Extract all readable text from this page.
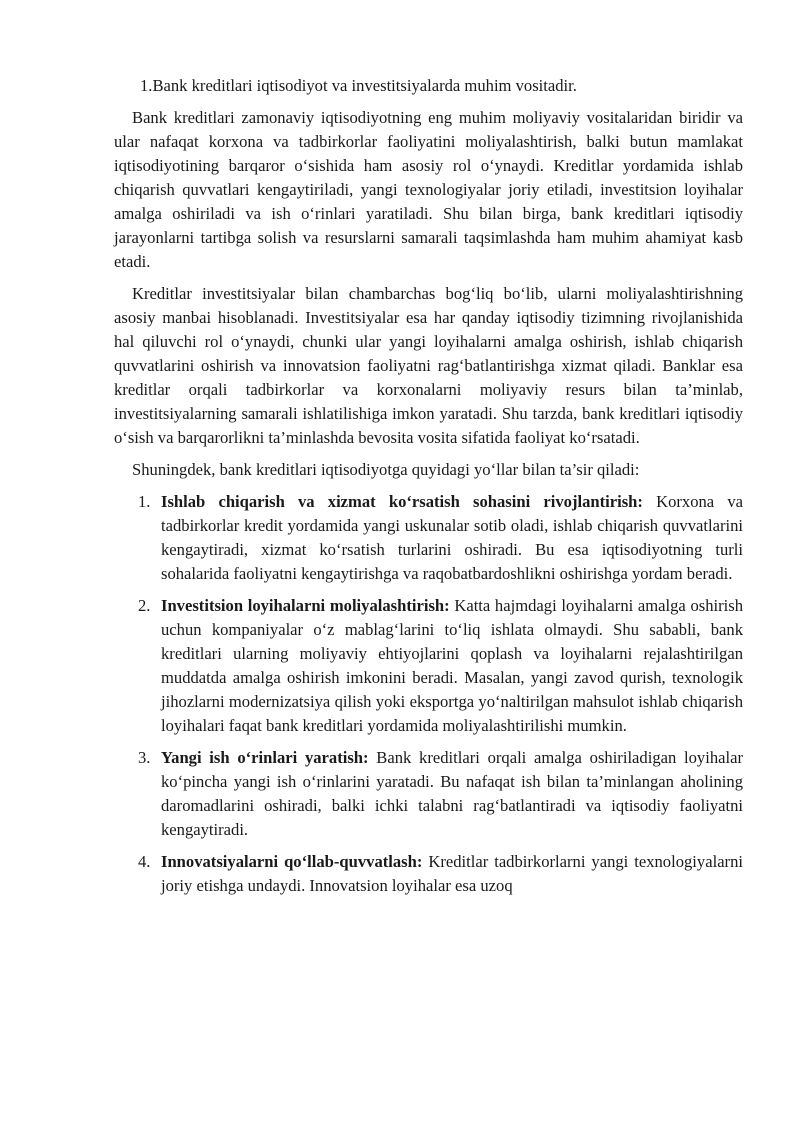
1.Bank kreditlari iqtisodiyot va investitsiyalarda muhim vositadir.

Bank kreditlari zamonaviy iqtisodiyotning eng muhim moliyaviy vositalaridan biridir va ular nafaqat korxona va tadbirkorlar faoliyatini moliyalashtirish, balki butun mamlakat iqtisodiyotining barqaror o‘sishida ham asosiy rol o‘ynaydi. Kreditlar yordamida ishlab chiqarish quvvatlari kengaytiriladi, yangi texnologiyalar joriy etiladi, investitsion loyihalar amalga oshiriladi va ish o‘rinlari yaratiladi. Shu bilan birga, bank kreditlari iqtisodiy jarayonlarni tartibga solish va resurslarni samarali taqsimlashda ham muhim ahamiyat kasb etadi.

Kreditlar investitsiyalar bilan chambarchas bog‘liq bo‘lib, ularni moliyalashtirishning asosiy manbai hisoblanadi. Investitsiyalar esa har qanday iqtisodiy tizimning rivojlanishida hal qiluvchi rol o‘ynaydi, chunki ular yangi loyihalarni amalga oshirish, ishlab chiqarish quvvatlarini oshirish va innovatsion faoliyatni rag‘batlantirishga xizmat qiladi. Banklar esa kreditlar orqali tadbirkorlar va korxonalarni moliyaviy resurs bilan ta’minlab, investitsiyalarning samarali ishlatilishiga imkon yaratadi. Shu tarzda, bank kreditlari iqtisodiy o‘sish va barqarorlikni ta’minlashda bevosita vosita sifatida faoliyat ko‘rsatadi.

Shuningdek, bank kreditlari iqtisodiyotga quyidagi yo‘llar bilan ta’sir qiladi:

1. Ishlab chiqarish va xizmat ko‘rsatish sohasini rivojlantirish: Korxona va tadbirkorlar kredit yordamida yangi uskunalar sotib oladi, ishlab chiqarish quvvatlarini kengaytiradi, xizmat ko‘rsatish turlarini oshiradi. Bu esa iqtisodiyotning turli sohalarida faoliyatni kengaytirishga va raqobatbardoshlikni oshirishga yordam beradi.
2. Investitsion loyihalarni moliyalashtirish: Katta hajmdagi loyihalarni amalga oshirish uchun kompaniyalar o‘z mablag‘larini to‘liq ishlata olmaydi. Shu sababli, bank kreditlari ularning moliyaviy ehtiyojlarini qoplash va loyihalarni rejalashtirilgan muddatda amalga oshirish imkonini beradi. Masalan, yangi zavod qurish, texnologik jihozlarni modernizatsiya qilish yoki eksportga yo‘naltirilgan mahsulot ishlab chiqarish loyihalari faqat bank kreditlari yordamida moliyalashtirilishi mumkin.
3. Yangi ish o‘rinlari yaratish: Bank kreditlari orqali amalga oshiriladigan loyihalar ko‘pincha yangi ish o‘rinlarini yaratadi. Bu nafaqat ish bilan ta’minlangan aholining daromadlarini oshiradi, balki ichki talabni rag‘batlantiradi va iqtisodiy faoliyatni kengaytiradi.
4. Innovatsiyalarni qo‘llab-quvvatlash: Kreditlar tadbirkorlarni yangi texnologiyalarni joriy etishga undaydi. Innovatsion loyihalar esa uzoq
